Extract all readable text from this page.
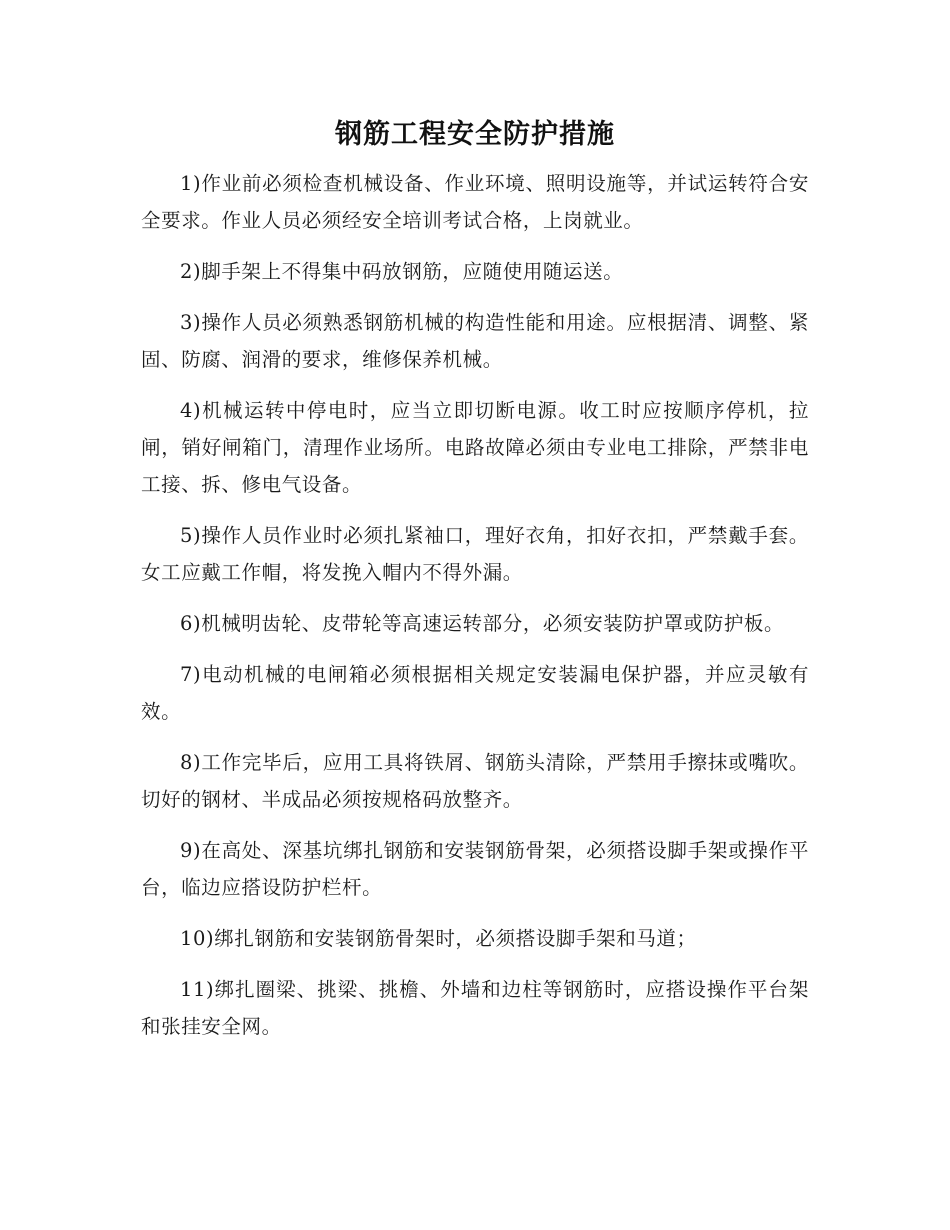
钢筋工程安全防护措施

1)作业前必须检查机械设备、作业环境、照明设施等，并试运转符合安全要求。作业人员必须经安全培训考试合格，上岗就业。

2)脚手架上不得集中码放钢筋，应随使用随运送。

3)操作人员必须熟悉钢筋机械的构造性能和用途。应根据清、调整、紧固、防腐、润滑的要求，维修保养机械。

4)机械运转中停电时，应当立即切断电源。收工时应按顺序停机，拉闸，销好闸箱门，清理作业场所。电路故障必须由专业电工排除，严禁非电工接、拆、修电气设备。

5)操作人员作业时必须扎紧袖口，理好衣角，扣好衣扣，严禁戴手套。女工应戴工作帽，将发挽入帽内不得外漏。

6)机械明齿轮、皮带轮等高速运转部分，必须安装防护罩或防护板。

7)电动机械的电闸箱必须根据相关规定安装漏电保护器，并应灵敏有效。

8)工作完毕后，应用工具将铁屑、钢筋头清除，严禁用手擦抹或嘴吹。切好的钢材、半成品必须按规格码放整齐。

9)在高处、深基坑绑扎钢筋和安装钢筋骨架，必须搭设脚手架或操作平台，临边应搭设防护栏杆。

10)绑扎钢筋和安装钢筋骨架时，必须搭设脚手架和马道；

11)绑扎圈梁、挑梁、挑檐、外墙和边柱等钢筋时，应搭设操作平台架和张挂安全网。
